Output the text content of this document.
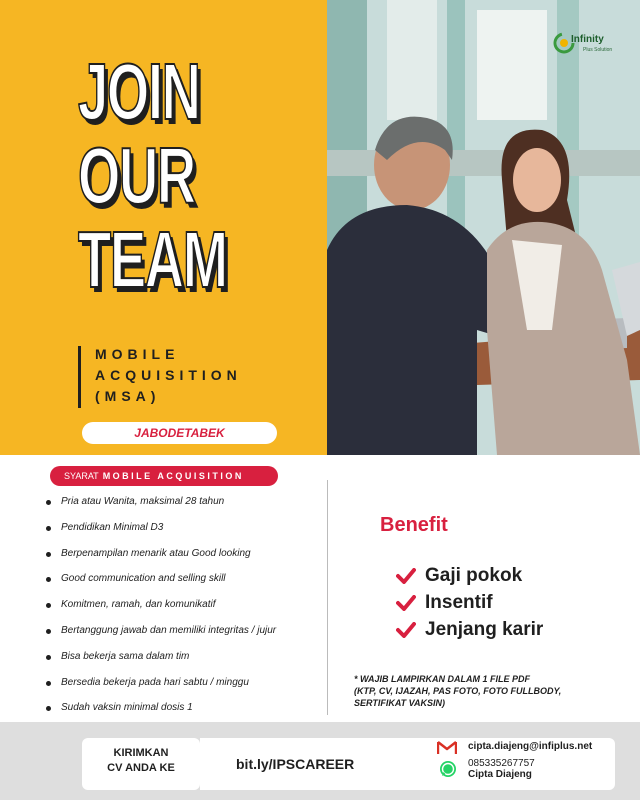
JOIN
OUR
TEAM
MOBILE
ACQUISITION
(MSA)
JABODETABEK
Infinity
Plus Solution
SYARAT MOBILE ACQUISITION
Pria atau Wanita, maksimal 28 tahun
Pendidikan Minimal D3
Berpenampilan menarik atau Good looking
Good communication and selling skill
Komitmen, ramah, dan komunikatif
Bertanggung jawab dan memiliki integritas / jujur
Bisa bekerja sama dalam tim
Bersedia bekerja pada hari sabtu / minggu
Sudah vaksin minimal dosis 1
Benefit
Gaji pokok
Insentif
Jenjang karir
* WAJIB LAMPIRKAN DALAM 1 FILE PDF
(KTP, CV, IJAZAH, PAS FOTO, FOTO FULLBODY,
SERTIFIKAT VAKSIN)
KIRIMKAN
CV ANDA KE	bit.ly/IPSCAREER
cipta.diajeng@infiplus.net
085335267757
Cipta Diajeng
